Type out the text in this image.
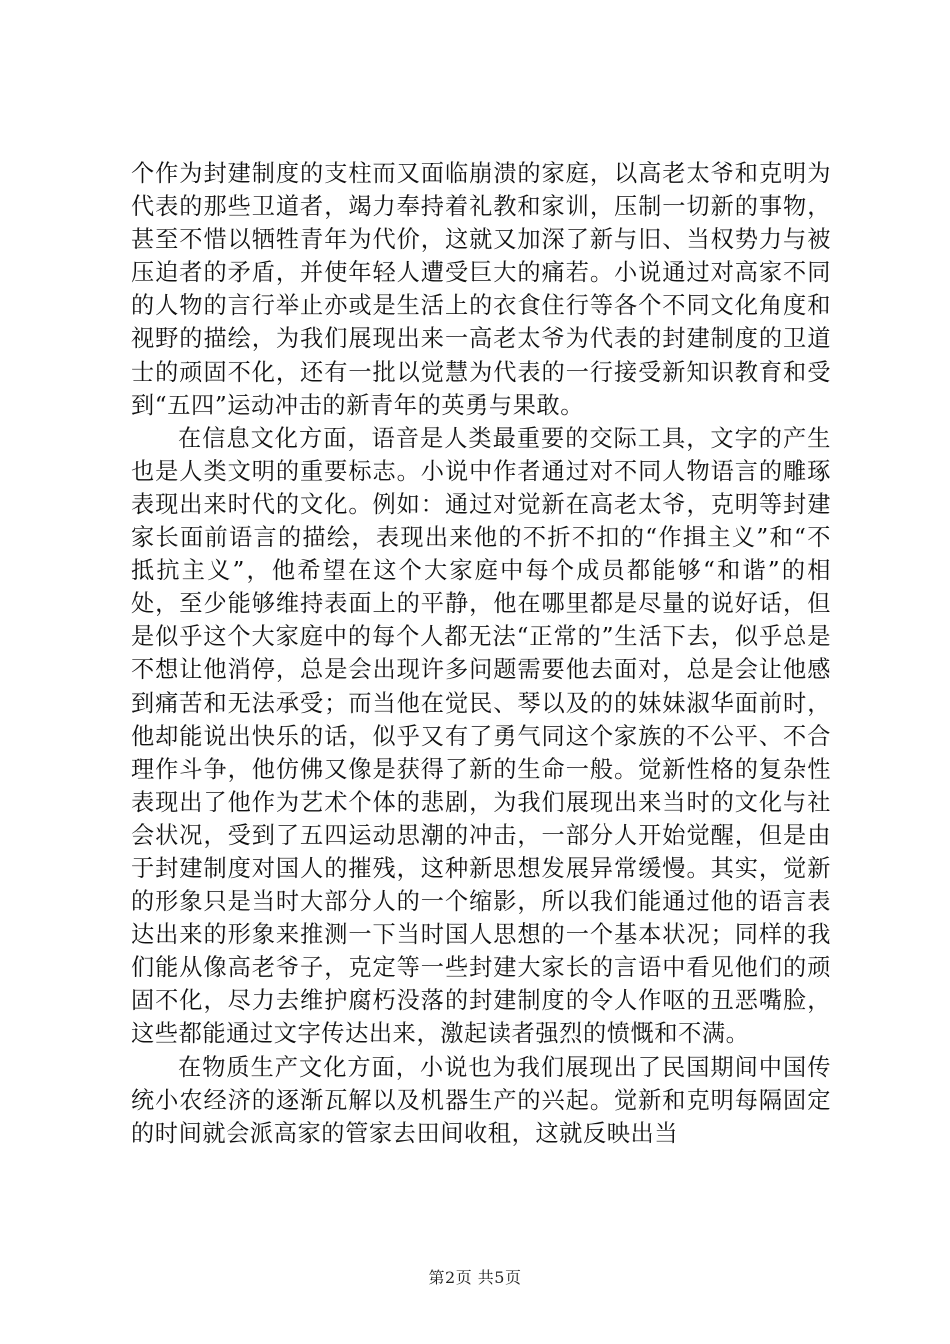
个作为封建制度的支柱而又面临崩溃的家庭，以高老太爷和克明为代表的那些卫道者，竭力奉持着礼教和家训，压制一切新的事物，甚至不惜以牺牲青年为代价，这就又加深了新与旧、当权势力与被压迫者的矛盾，并使年轻人遭受巨大的痛若。小说通过对高家不同的人物的言行举止亦或是生活上的衣食住行等各个不同文化角度和视野的描绘，为我们展现出来一高老太爷为代表的封建制度的卫道士的顽固不化，还有一批以觉慧为代表的一行接受新知识教育和受到“五四”运动冲击的新青年的英勇与果敢。

在信息文化方面，语音是人类最重要的交际工具，文字的产生也是人类文明的重要标志。小说中作者通过对不同人物语言的雕琢表现出来时代的文化。例如：通过对觉新在高老太爷，克明等封建家长面前语言的描绘，表现出来他的不折不扣的“作揖主义”和“不抵抗主义”，他希望在这个大家庭中每个成员都能够“和谐”的相处，至少能够维持表面上的平静，他在哪里都是尽量的说好话，但是似乎这个大家庭中的每个人都无法“正常的”生活下去，似乎总是不想让他消停，总是会出现许多问题需要他去面对，总是会让他感到痛苦和无法承受；而当他在觉民、琴以及的的妹妹淑华面前时，他却能说出快乐的话，似乎又有了勇气同这个家族的不公平、不合理作斗争，他仿佛又像是获得了新的生命一般。觉新性格的复杂性表现出了他作为艺术个体的悲剧，为我们展现出来当时的文化与社会状况，受到了五四运动思潮的冲击，一部分人开始觉醒，但是由于封建制度对国人的摧残，这种新思想发展异常缓慢。其实，觉新的形象只是当时大部分人的一个缩影，所以我们能通过他的语言表达出来的形象来推测一下当时国人思想的一个基本状况；同样的我们能从像高老爷子，克定等一些封建大家长的言语中看见他们的顽固不化，尽力去维护腐朽没落的封建制度的令人作呕的丑恶嘴脸，这些都能通过文字传达出来，激起读者强烈的愤慨和不满。

在物质生产文化方面，小说也为我们展现出了民国期间中国传统小农经济的逐渐瓦解以及机器生产的兴起。觉新和克明每隔固定的时间就会派高家的管家去田间收租，这就反映出当

第2页 共5页
